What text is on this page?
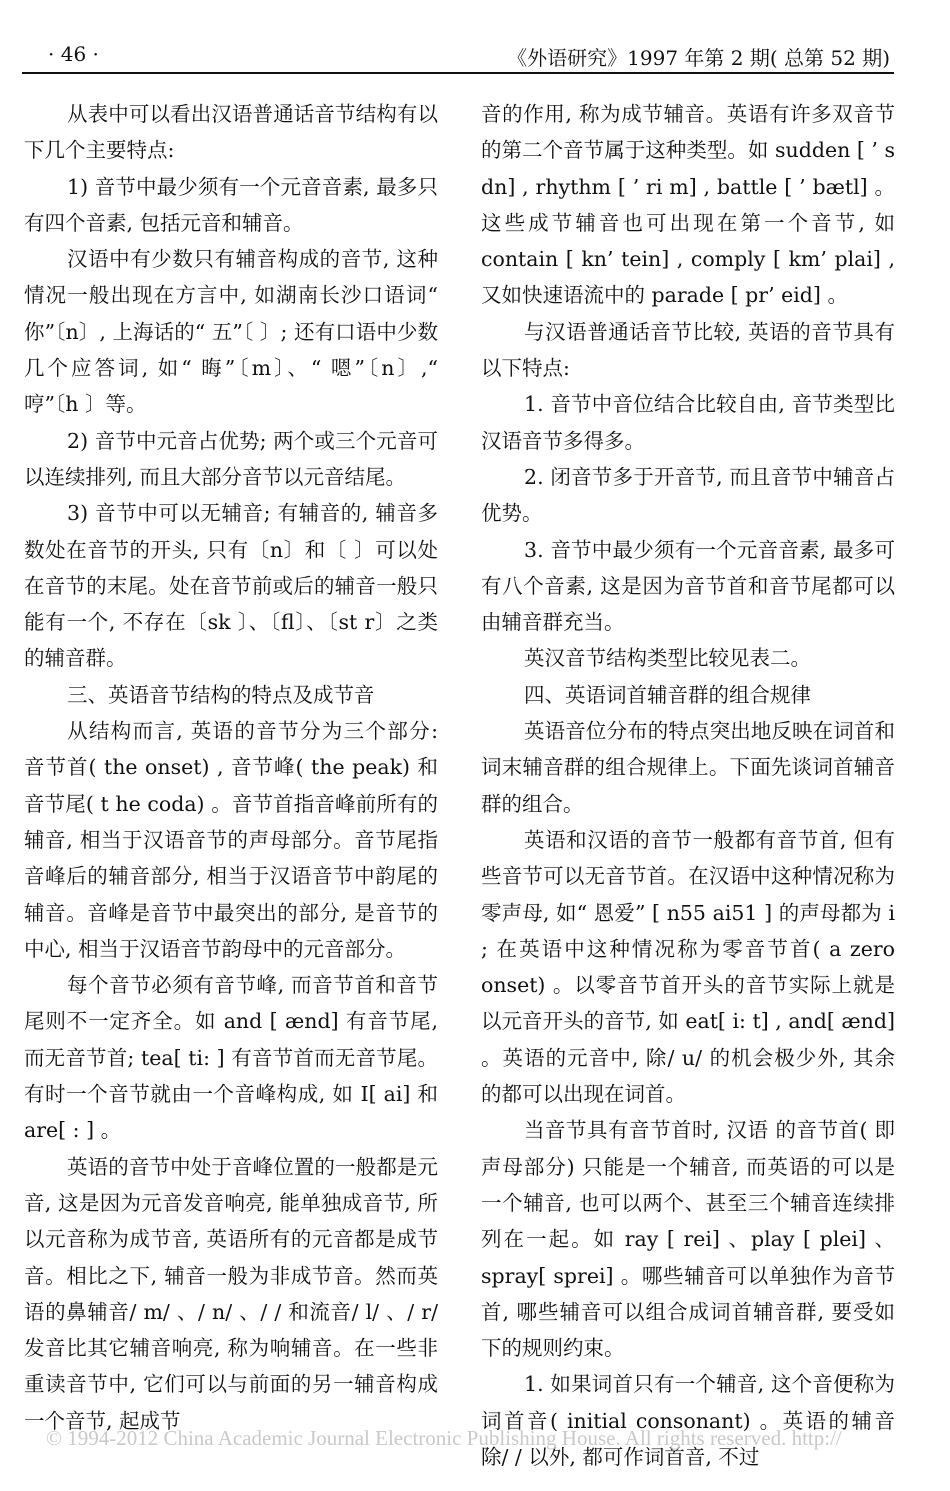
· 46 ·	《外语研究》1997 年第 2 期( 总第 52 期)

从表中可以看出汉语普通话音节结构有以下几个主要特点:

1) 音节中最少须有一个元音音素, 最多只有四个音素, 包括元音和辅音。

汉语中有少数只有辅音构成的音节, 这种情况一般出现在方言中, 如湖南长沙口语词“ 你”〔n〕, 上海话的“ 五”〔 〕; 还有口语中少数几个应答词, 如“ 晦”〔m〕、“ 嗯”〔n〕,“ 哼”〔h 〕等。

2) 音节中元音占优势; 两个或三个元音可以连续排列, 而且大部分音节以元音结尾。

3) 音节中可以无辅音; 有辅音的, 辅音多数处在音节的开头, 只有〔n〕和〔 〕可以处在音节的末尾。处在音节前或后的辅音一般只能有一个, 不存在〔sk 〕、〔fl〕、〔st r〕之类的辅音群。

三、英语音节结构的特点及成节音

从结构而言, 英语的音节分为三个部分: 音节首( the onset) , 音节峰( the peak) 和音节尾( t he coda) 。音节首指音峰前所有的辅音, 相当于汉语音节的声母部分。音节尾指音峰后的辅音部分, 相当于汉语音节中韵尾的辅音。音峰是音节中最突出的部分, 是音节的中心, 相当于汉语音节韵母中的元音部分。

每个音节必须有音节峰, 而音节首和音节尾则不一定齐全。如 and [ ænd] 有音节尾, 而无音节首; tea[ ti: ] 有音节首而无音节尾。有时一个音节就由一个音峰构成, 如 I[ ai] 和 are[ : ] 。

英语的音节中处于音峰位置的一般都是元音, 这是因为元音发音响亮, 能单独成音节, 所以元音称为成节音, 英语所有的元音都是成节音。相比之下, 辅音一般为非成节音。然而英语的鼻辅音/ m/ 、/ n/ 、/ / 和流音/ l/ 、/ r/ 发音比其它辅音响亮, 称为响辅音。在一些非重读音节中, 它们可以与前面的另一辅音构成一个音节, 起成节

音的作用, 称为成节辅音。英语有许多双音节的第二个音节属于这种类型。如 sudden [ ’ s dn] , rhythm [ ’ ri m] , battle [ ’ bætl] 。这些成节辅音也可出现在第一个音节, 如 contain [ kn’ tein] , comply [ km’ plai] , 又如快速语流中的 parade [ pr’ eid] 。

与汉语普通话音节比较, 英语的音节具有以下特点:

1. 音节中音位结合比较自由, 音节类型比汉语音节多得多。

2. 闭音节多于开音节, 而且音节中辅音占优势。

3. 音节中最少须有一个元音音素, 最多可有八个音素, 这是因为音节首和音节尾都可以由辅音群充当。

英汉音节结构类型比较见表二。

四、英语词首辅音群的组合规律

英语音位分布的特点突出地反映在词首和词末辅音群的组合规律上。下面先谈词首辅音群的组合。

英语和汉语的音节一般都有音节首, 但有些音节可以无音节首。在汉语中这种情况称为零声母, 如“ 恩爱” [ n55 ai51 ] 的声母都为 i ; 在英语中这种情况称为零音节首( a zero onset) 。以零音节首开头的音节实际上就是以元音开头的音节, 如 eat[ i: t] , and[ ænd] 。英语的元音中, 除/ u/ 的机会极少外, 其余的都可以出现在词首。

当音节具有音节首时, 汉语 的音节首( 即声母部分) 只能是一个辅音, 而英语的可以是一个辅音, 也可以两个、甚至三个辅音连续排列在一起。如 ray [ rei] 、play [ plei] 、spray[ sprei] 。哪些辅音可以单独作为音节首, 哪些辅音可以组合成词首辅音群, 要受如下的规则约束。

1. 如果词首只有一个辅音, 这个音便称为词首音( initial consonant) 。英语的辅音除/ / 以外, 都可作词首音, 不过

© 1994-2012 China Academic Journal Electronic Publishing House. All rights reserved. http://
